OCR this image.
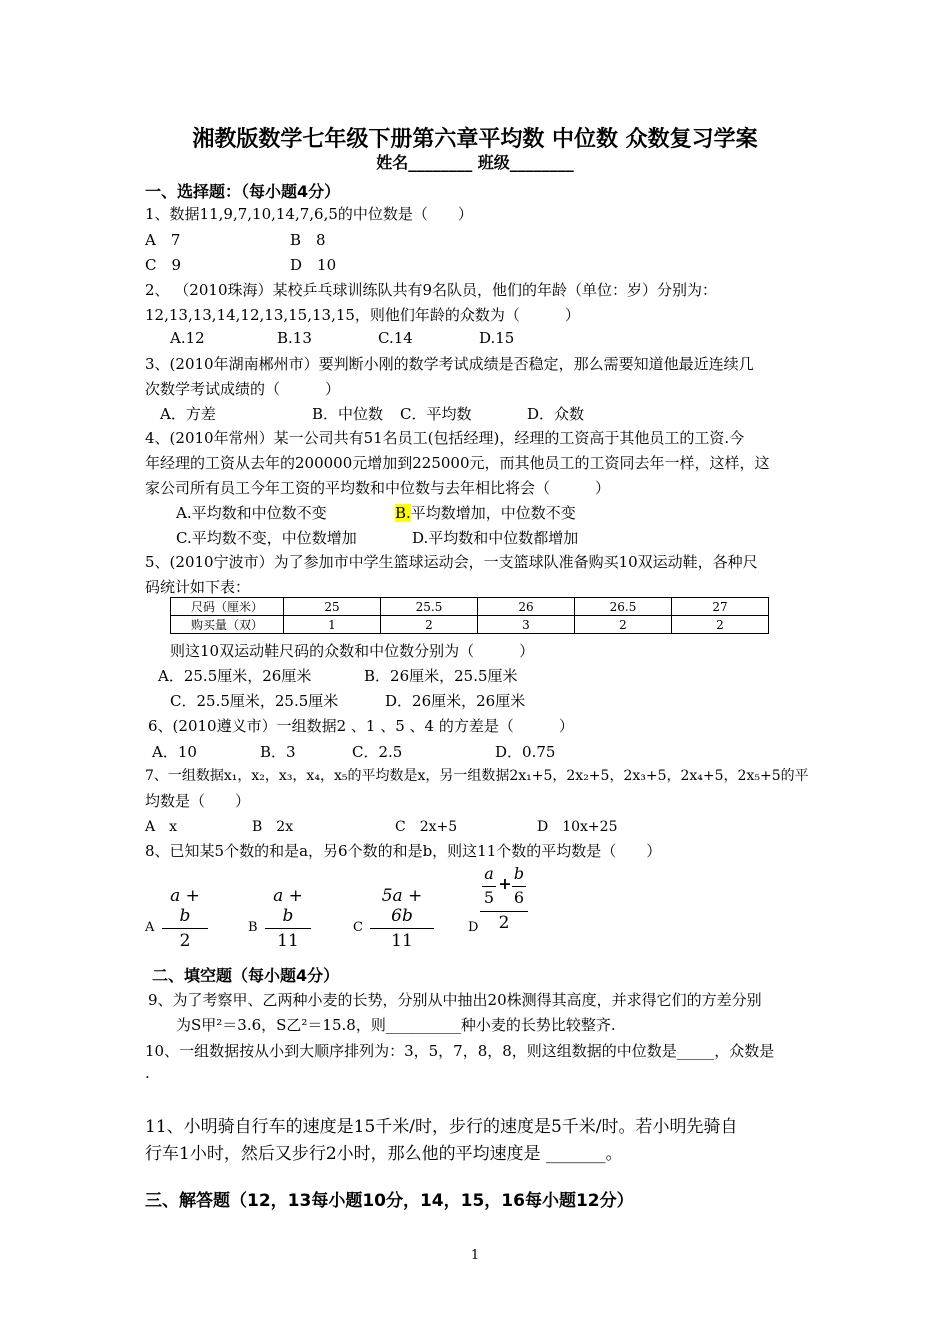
湘教版数学七年级下册第六章平均数 中位数 众数复习学案
姓名________ 班级________
一、选择题：（每小题4分）
1、数据11,9,7,10,14,7,6,5的中位数是（　　）
A　7	B　8
C　9	D　10
2、 （2010珠海）某校乒乓球训练队共有9名队员，他们的年龄（单位：岁）分别为：
12,13,13,14,12,13,15,13,15，则他们年龄的众数为（　　　）
A.12	B.13	C.14	D.15
3、(2010年湖南郴州市）要判断小刚的数学考试成绩是否稳定，那么需要知道他最近连续几
次数学考试成绩的（　　　）
A．方差	B．中位数 C．平均数	D．众数
4、(2010年常州）某一公司共有51名员工(包括经理)，经理的工资高于其他员工的工资.今
年经理的工资从去年的200000元增加到225000元，而其他员工的工资同去年一样，这样，这
家公司所有员工今年工资的平均数和中位数与去年相比将会（　　　）
A.平均数和中位数不变	B.平均数增加，中位数不变
C.平均数不变，中位数增加	D.平均数和中位数都增加
5、(2010宁波市）为了参加市中学生篮球运动会，一支篮球队准备购买10双运动鞋，各种尺
码统计如下表：
尺码（厘米）	25	25.5	26	26.5	27
购买量（双）	1	2	3	2	2
则这10双运动鞋尺码的众数和中位数分别为（　　　）
A．25.5厘米，26厘米	B．26厘米，25.5厘米
C．25.5厘米，25.5厘米	D．26厘米，26厘米
6、(2010遵义市）一组数据2 、1 、5 、4 的方差是（　　　）
A．10	B．3	C．2.5	D．0.75
7、一组数据x₁，x₂，x₃，x₄，x₅的平均数是x，另一组数据2x₁+5，2x₂+5，2x₃+5，2x₄+5，2x₅+5的平
均数是（　　）
A　x	B　2x	C　2x+5	D　10x+25
8、已知某5个数的和是a，另6个数的和是b，则这11个数的平均数是（　　）
A $\frac{a + b}{2}$	B $\frac{a + b}{11}$	C $\frac{5a + 6b}{11}$	D
a
5
+
b
6
2
二、填空题（每小题4分）
9、为了考察甲、乙两种小麦的长势，分别从中抽出20株测得其高度，并求得它们的方差分别
为S甲²＝3.6，S乙²＝15.8，则__________种小麦的长势比较整齐.
10、一组数据按从小到大顺序排列为：3，5，7，8，8，则这组数据的中位数是_____，众数是
.
11、小明骑自行车的速度是15千米/时，步行的速度是5千米/时。若小明先骑自
行车1小时，然后又步行2小时，那么他的平均速度是 _______。
三、解答题（12，13每小题10分，14，15，16每小题12分）
1
